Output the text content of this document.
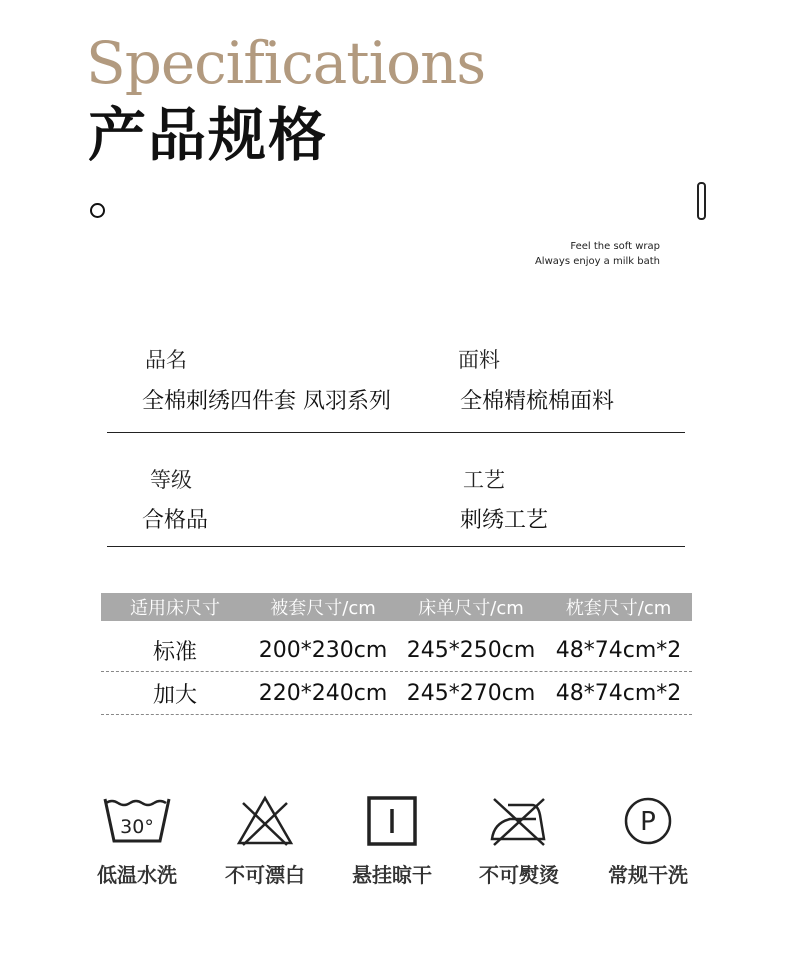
Specifications
产品规格
Feel the soft wrap
Always enjoy a milk bath
品名
全棉刺绣四件套 凤羽系列
面料
全棉精梳棉面料
等级
合格品
工艺
刺绣工艺
适用床尺寸	被套尺寸/cm	床单尺寸/cm	枕套尺寸/cm
标准	200*230cm 245*250cm 48*74cm*2
加大	220*240cm 245*270cm 48*74cm*2
30°
低温水洗	不可漂白	悬挂晾干	不可熨烫
P
常规干洗
